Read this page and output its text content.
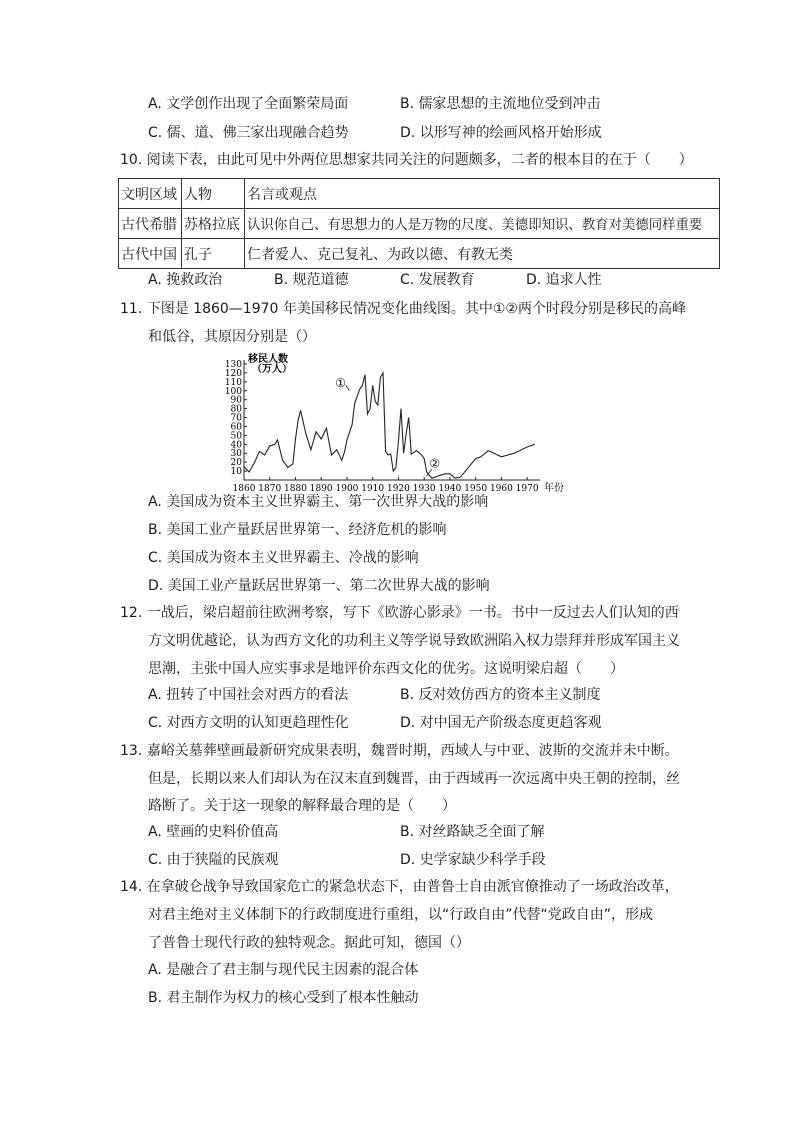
A. 文学创作出现了全面繁荣局面	B. 儒家思想的主流地位受到冲击
C. 儒、道、佛三家出现融合趋势	D. 以形写神的绘画风格开始形成
10. 阅读下表，由此可见中外两位思想家共同关注的问题颇多，二者的根本目的在于（　　）
文明区域	人物	名言或观点
古代希腊	苏格拉底	认识你自己、有思想力的人是万物的尺度、美德即知识、教育对美德同样重要
古代中国	孔子	仁者爱人、克己复礼、为政以德、有教无类
A. 挽救政治	B. 规范道德	C. 发展教育	D. 追求人性
11. 下图是 1860—1970 年美国移民情况变化曲线图。其中①②两个时段分别是移民的高峰
和低谷，其原因分别是（）
移民人数
（万人）
10
20
30
40
50
60
70
80
90
100
110
120
130
1860 1870 1880 1890 1900 1910 1920 1930 1940 1950 1960 1970 年份
①
②
A. 美国成为资本主义世界霸主、第一次世界大战的影响
B. 美国工业产量跃居世界第一、经济危机的影响
C. 美国成为资本主义世界霸主、冷战的影响
D. 美国工业产量跃居世界第一、第二次世界大战的影响
12. 一战后，梁启超前往欧洲考察，写下《欧游心影录》一书。书中一反过去人们认知的西
方文明优越论，认为西方文化的功利主义等学说导致欧洲陷入权力崇拜并形成军国主义
思潮，主张中国人应实事求是地评价东西文化的优劣。这说明梁启超（　　）
A. 扭转了中国社会对西方的看法	B. 反对效仿西方的资本主义制度
C. 对西方文明的认知更趋理性化	D. 对中国无产阶级态度更趋客观
13. 嘉峪关墓葬壁画最新研究成果表明，魏晋时期，西域人与中亚、波斯的交流并未中断。
但是，长期以来人们却认为在汉末直到魏晋，由于西域再一次远离中央王朝的控制，丝
路断了。关于这一现象的解释最合理的是（　　）
A. 壁画的史料价值高	B. 对丝路缺乏全面了解
C. 由于狭隘的民族观	D. 史学家缺少科学手段
14. 在拿破仑战争导致国家危亡的紧急状态下，由普鲁士自由派官僚推动了一场政治改革，
对君主绝对主义体制下的行政制度进行重组，以“行政自由”代替“党政自由”，形成
了普鲁士现代行政的独特观念。据此可知，德国（）
A. 是融合了君主制与现代民主因素的混合体
B. 君主制作为权力的核心受到了根本性触动
